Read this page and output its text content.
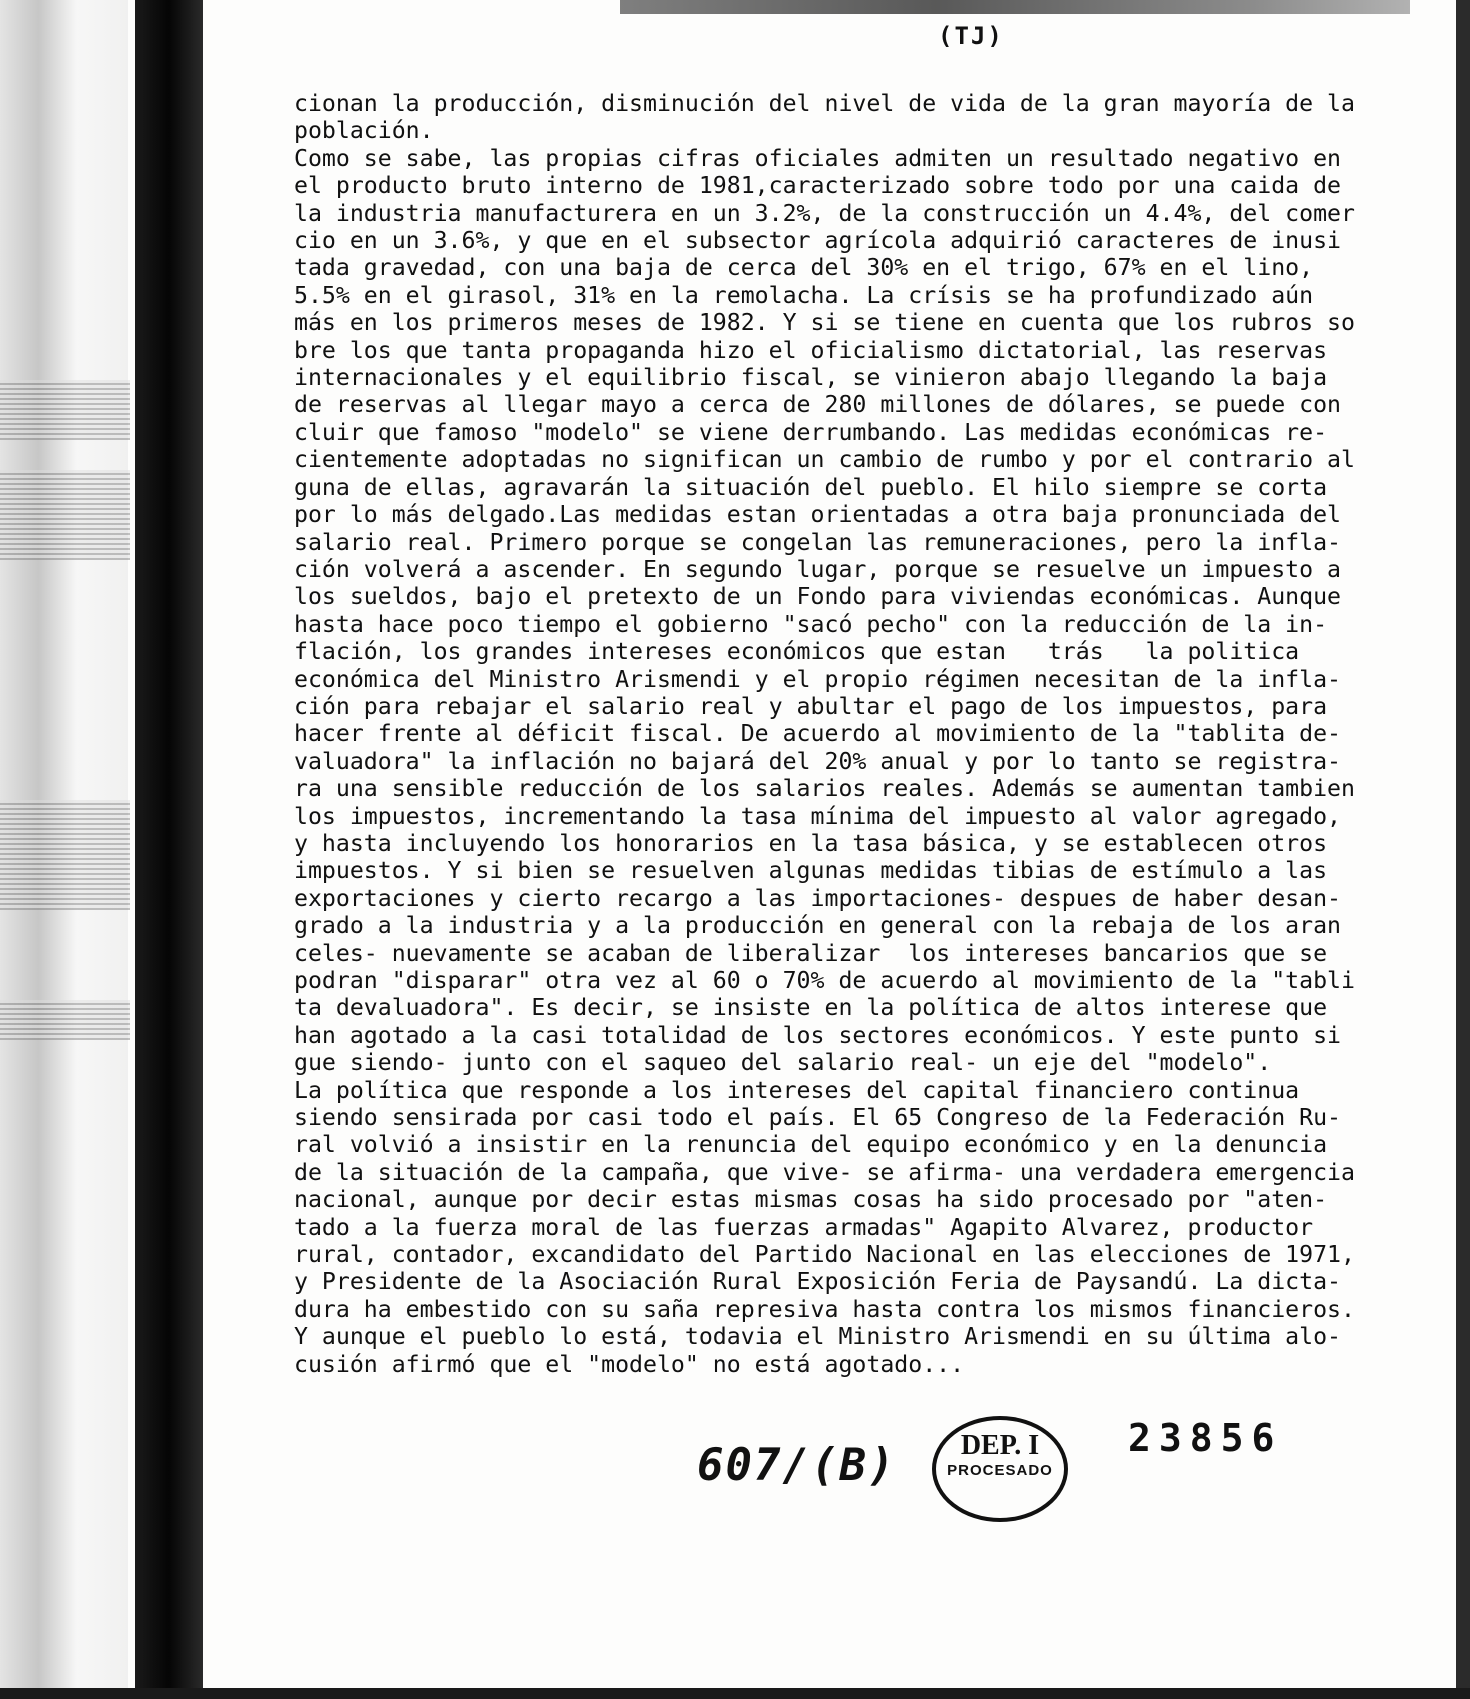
(TJ)
cionan la producción, disminución del nivel de vida de la gran mayoría de la
población.
Como se sabe, las propias cifras oficiales admiten un resultado negativo en
el producto bruto interno de 1981,caracterizado sobre todo por una caida de
la industria manufacturera en un 3.2%, de la construcción un 4.4%, del comer
cio en un 3.6%, y que en el subsector agrícola adquirió caracteres de inusi
tada gravedad, con una baja de cerca del 30% en el trigo, 67% en el lino,
5.5% en el girasol, 31% en la remolacha. La crísis se ha profundizado aún
más en los primeros meses de 1982. Y si se tiene en cuenta que los rubros so
bre los que tanta propaganda hizo el oficialismo dictatorial, las reservas
internacionales y el equilibrio fiscal, se vinieron abajo llegando la baja
de reservas al llegar mayo a cerca de 280 millones de dólares, se puede con
cluir que famoso "modelo" se viene derrumbando. Las medidas económicas re-
cientemente adoptadas no significan un cambio de rumbo y por el contrario al
guna de ellas, agravarán la situación del pueblo. El hilo siempre se corta
por lo más delgado.Las medidas estan orientadas a otra baja pronunciada del
salario real. Primero porque se congelan las remuneraciones, pero la infla-
ción volverá a ascender. En segundo lugar, porque se resuelve un impuesto a
los sueldos, bajo el pretexto de un Fondo para viviendas económicas. Aunque
hasta hace poco tiempo el gobierno "sacó pecho" con la reducción de la in-
flación, los grandes intereses económicos que estan   trás   la politica
económica del Ministro Arismendi y el propio régimen necesitan de la infla-
ción para rebajar el salario real y abultar el pago de los impuestos, para
hacer frente al déficit fiscal. De acuerdo al movimiento de la "tablita de-
valuadora" la inflación no bajará del 20% anual y por lo tanto se registra-
ra una sensible reducción de los salarios reales. Además se aumentan tambien
los impuestos, incrementando la tasa mínima del impuesto al valor agregado,
y hasta incluyendo los honorarios en la tasa básica, y se establecen otros
impuestos. Y si bien se resuelven algunas medidas tibias de estímulo a las
exportaciones y cierto recargo a las importaciones- despues de haber desan-
grado a la industria y a la producción en general con la rebaja de los aran
celes- nuevamente se acaban de liberalizar  los intereses bancarios que se
podran "disparar" otra vez al 60 o 70% de acuerdo al movimiento de la "tabli
ta devaluadora". Es decir, se insiste en la política de altos interese que
han agotado a la casi totalidad de los sectores económicos. Y este punto si
gue siendo- junto con el saqueo del salario real- un eje del "modelo".
La política que responde a los intereses del capital financiero continua
siendo sensirada por casi todo el país. El 65 Congreso de la Federación Ru-
ral volvió a insistir en la renuncia del equipo económico y en la denuncia
de la situación de la campaña, que vive- se afirma- una verdadera emergencia
nacional, aunque por decir estas mismas cosas ha sido procesado por "aten-
tado a la fuerza moral de las fuerzas armadas" Agapito Alvarez, productor
rural, contador, excandidato del Partido Nacional en las elecciones de 1971,
y Presidente de la Asociación Rural Exposición Feria de Paysandú. La dicta-
dura ha embestido con su saña represiva hasta contra los mismos financieros.
Y aunque el pueblo lo está, todavia el Ministro Arismendi en su última alo-
cusión afirmó que el "modelo" no está agotado...
607/(B)	DEP. I
PROCESADO
23856
